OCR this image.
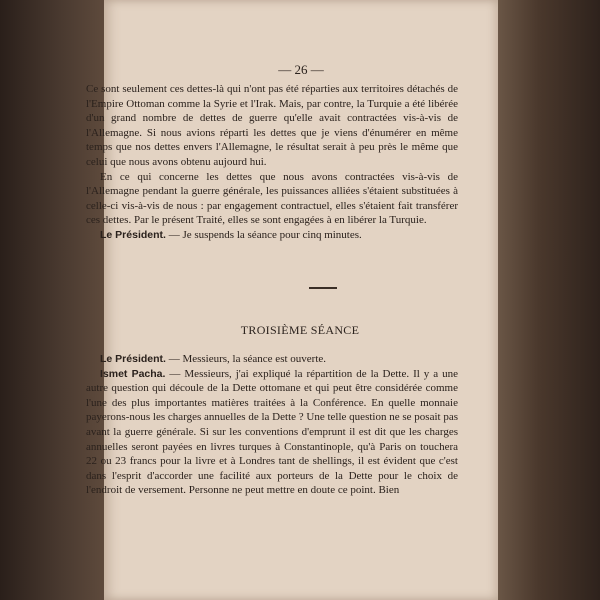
— 26 —

Ce sont seulement ces dettes-là qui n'ont pas été réparties aux territoires détachés de l'Empire Ottoman comme la Syrie et l'Irak. Mais, par contre, la Turquie a été libérée d'un grand nombre de dettes de guerre qu'elle avait contractées vis-à-vis de l'Allemagne. Si nous avions réparti les dettes que je viens d'énumérer en même temps que nos dettes envers l'Allemagne, le résultat serait à peu près le même que celui que nous avons obtenu aujourd hui.

En ce qui concerne les dettes que nous avons contractées vis-à-vis de l'Allemagne pendant la guerre générale, les puissances alliées s'étaient substituées à celle-ci vis-à-vis de nous : par engagement contractuel, elles s'étaient fait transférer ces dettes. Par le présent Traité, elles se sont engagées à en libérer la Turquie.

Le Président. — Je suspends la séance pour cinq minutes.

TROISIÈME SÉANCE

Le Président. — Messieurs, la séance est ouverte.

Ismet Pacha. — Messieurs, j'ai expliqué la répartition de la Dette. Il y a une autre question qui découle de la Dette ottomane et qui peut être considérée comme l'une des plus importantes matières traitées à la Conférence. En quelle monnaie payerons-nous les charges annuelles de la Dette ? Une telle question ne se posait pas avant la guerre générale. Si sur les conventions d'emprunt il est dit que les charges annuelles seront payées en livres turques à Constantinople, qu'à Paris on touchera 22 ou 23 francs pour la livre et à Londres tant de shellings, il est évident que c'est dans l'esprit d'accorder une facilité aux porteurs de la Dette pour le choix de l'endroit de versement. Personne ne peut mettre en doute ce point. Bien
